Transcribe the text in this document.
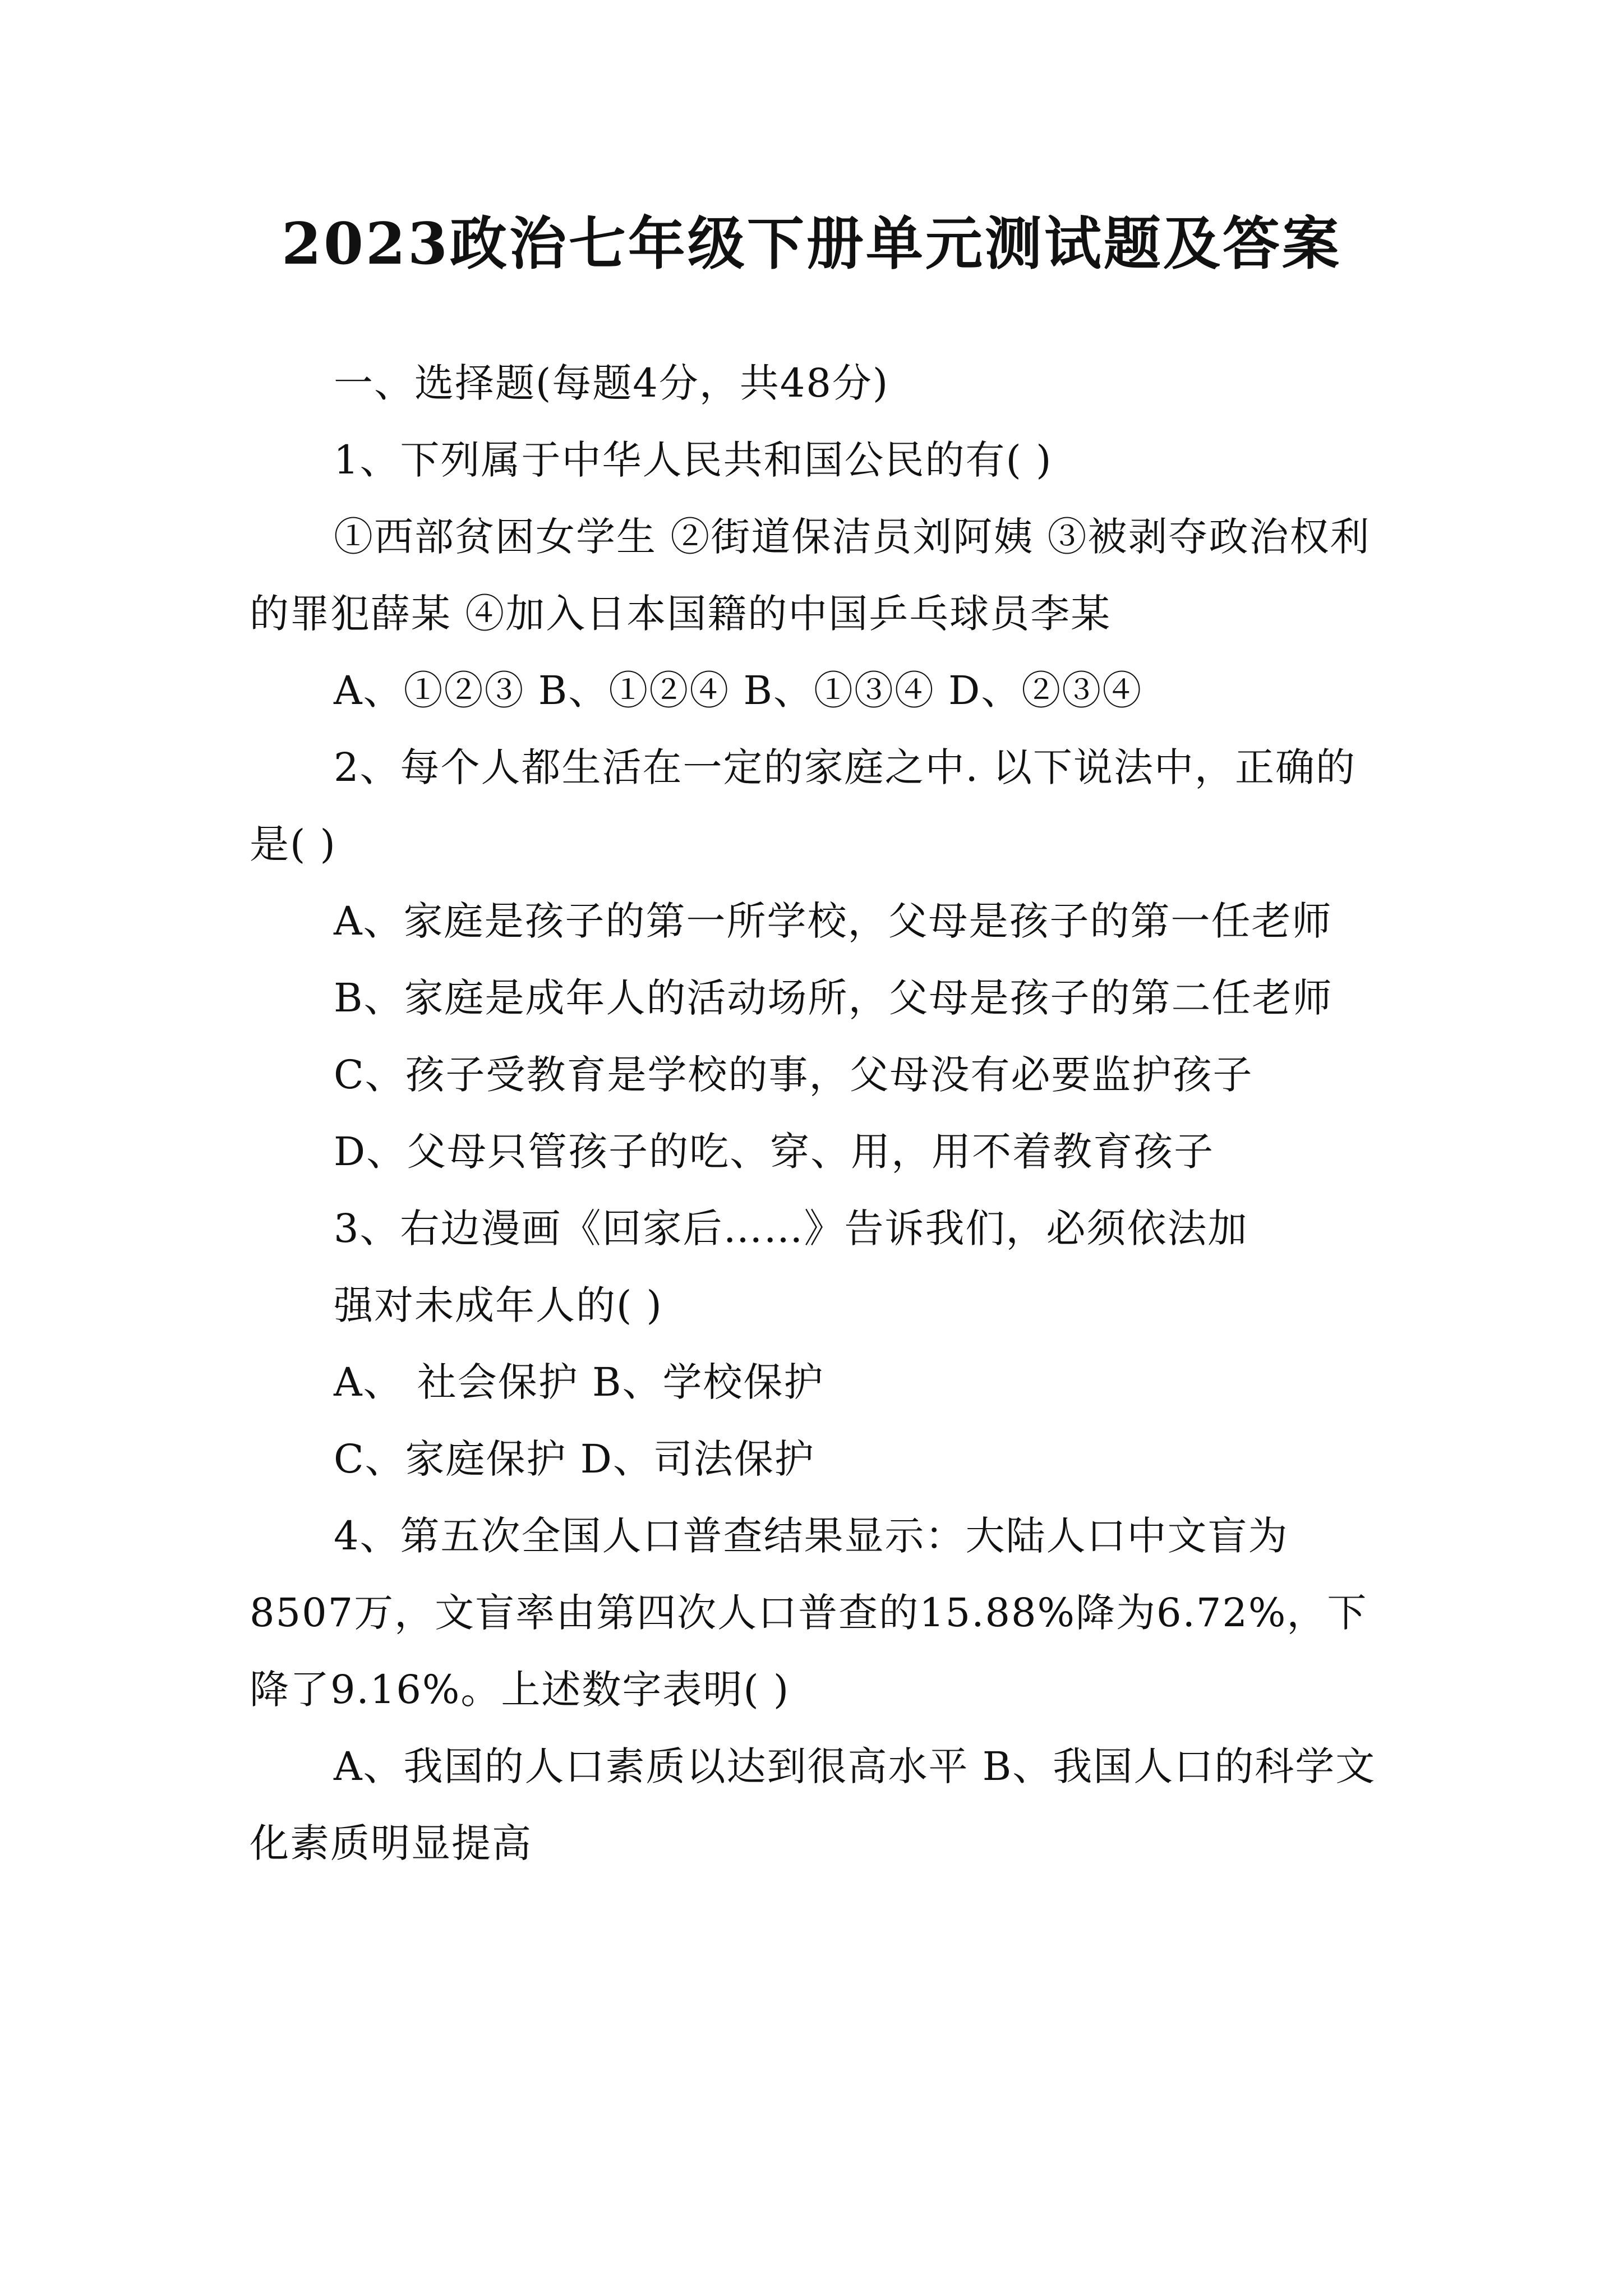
2023政治七年级下册单元测试题及答案

一、选择题(每题4分，共48分)

1、下列属于中华人民共和国公民的有( )

①西部贫困女学生 ②街道保洁员刘阿姨 ③被剥夺政治权利的罪犯薛某 ④加入日本国籍的中国乒乓球员李某

A、①②③ B、①②④ B、①③④ D、②③④

2、每个人都生活在一定的家庭之中. 以下说法中，正确的是( )

A、家庭是孩子的第一所学校，父母是孩子的第一任老师

B、家庭是成年人的活动场所，父母是孩子的第二任老师

C、孩子受教育是学校的事，父母没有必要监护孩子

D、父母只管孩子的吃、穿、用，用不着教育孩子

3、右边漫画《回家后……》告诉我们，必须依法加

强对未成年人的( )

A、 社会保护 B、学校保护

C、家庭保护 D、司法保护

4、第五次全国人口普查结果显示：大陆人口中文盲为8507万，文盲率由第四次人口普查的15.88%降为6.72%，下降了9.16%。上述数字表明( )

A、我国的人口素质以达到很高水平 B、我国人口的科学文化素质明显提高
